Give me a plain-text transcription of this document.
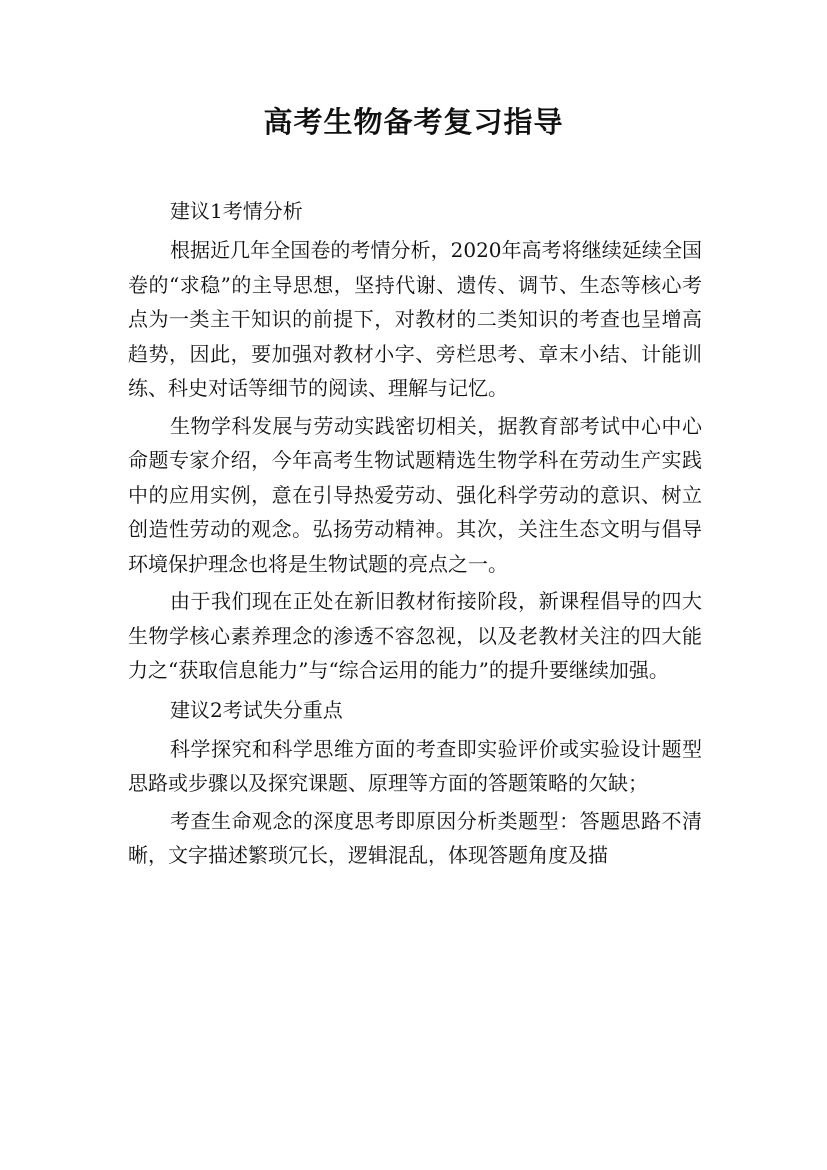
高考生物备考复习指导

建议1考情分析

根据近几年全国卷的考情分析，2020年高考将继续延续全国卷的“求稳”的主导思想，坚持代谢、遗传、调节、生态等核心考点为一类主干知识的前提下，对教材的二类知识的考查也呈增高趋势，因此，要加强对教材小字、旁栏思考、章末小结、计能训练、科史对话等细节的阅读、理解与记忆。

生物学科发展与劳动实践密切相关，据教育部考试中心中心命题专家介绍，今年高考生物试题精选生物学科在劳动生产实践中的应用实例，意在引导热爱劳动、强化科学劳动的意识、树立创造性劳动的观念。弘扬劳动精神。其次，关注生态文明与倡导环境保护理念也将是生物试题的亮点之一。

由于我们现在正处在新旧教材衔接阶段，新课程倡导的四大生物学核心素养理念的渗透不容忽视，以及老教材关注的四大能力之“获取信息能力”与“综合运用的能力”的提升要继续加强。

建议2考试失分重点

科学探究和科学思维方面的考查即实验评价或实验设计题型思路或步骤以及探究课题、原理等方面的答题策略的欠缺；

考查生命观念的深度思考即原因分析类题型：答题思路不清晰，文字描述繁琐冗长，逻辑混乱，体现答题角度及描
